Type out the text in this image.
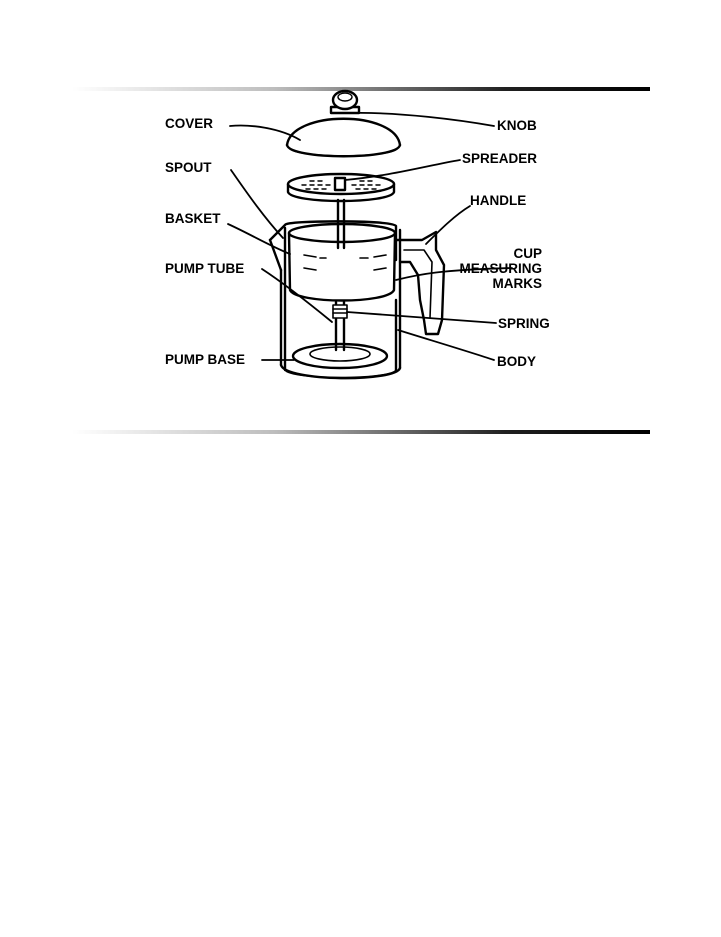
COVER
SPOUT
BASKET
PUMP TUBE
PUMP BASE
KNOB
SPREADER
HANDLE
CUP
MEASURING
MARKS
SPRING
BODY
